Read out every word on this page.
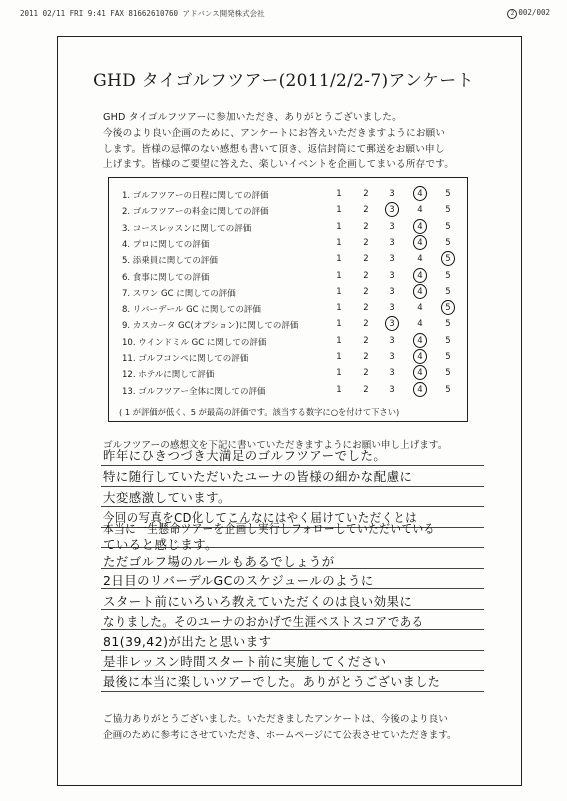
2011 02/11 FRI 9:41 FAX 81662610760 アドバンス開発株式会社	2 002/002
GHD タイゴルフツアー(2011/2/2-7)アンケート
GHD タイゴルフツアーに参加いただき、ありがとうございました。
今後のより良い企画のために、アンケートにお答えいただきますようにお願い
します。皆様の忌憚のない感想も書いて頂き、返信封筒にて郵送をお願い申し
上げます。皆様のご要望に答えた、楽しいイベントを企画してまいる所存です。
( 1 が評価が低く、5 が最高の評価です。該当する数字に○を付けて下さい)
1. ゴルフツアーの日程に関しての評価	1	2	3	4	5
2. ゴルフツアーの料金に関しての評価	1	2	3	4	5
3. コースレッスンに関しての評価	1	2	3	4	5
4. プロに関しての評価	1	2	3	4	5
5. 添乗員に関しての評価	1	2	3	4	5
6. 食事に関しての評価	1	2	3	4	5
7. スワン GC に関しての評価	1	2	3	4	5
8. リバーデール GC に関しての評価	1	2	3	4	5
9. カスカータ GC(オプション)に関しての評価	1	2	3	4	5
10. ウインドミル GC に関しての評価	1	2	3	4	5
11. ゴルフコンペに関しての評価	1	2	3	4	5
12. ホテルに関して評価	1	2	3	4	5
13. ゴルフツアー全体に関しての評価	1	2	3	4	5
ゴルフツアーの感想文を下記に書いていただきますようにお願い申し上げます。
昨年にひきつづき大満足のゴルフツアーでした。
特に随行していただいたユーナの皆様の細かな配慮に
大変感激しています。
今回の写真をCD化してこんなにはやく届けていただくとは
本当に一生懸命ツアーを企画し実行しフォローしていただいている
ていると感じます。
ただゴルフ場のルールもあるでしょうが
2日目のリバーデルGCのスケジュールのように
スタート前にいろいろ教えていただくのは良い効果に
なりました。そのユーナのおかげで生涯ベストスコアである
81(39,42)が出たと思います
是非レッスン時間スタート前に実施してください
最後に本当に楽しいツアーでした。ありがとうございました
ご協力ありがとうございました。いただきましたアンケートは、今後のより良い
企画のために参考にさせていただき、ホームページにて公表させていただきます。
